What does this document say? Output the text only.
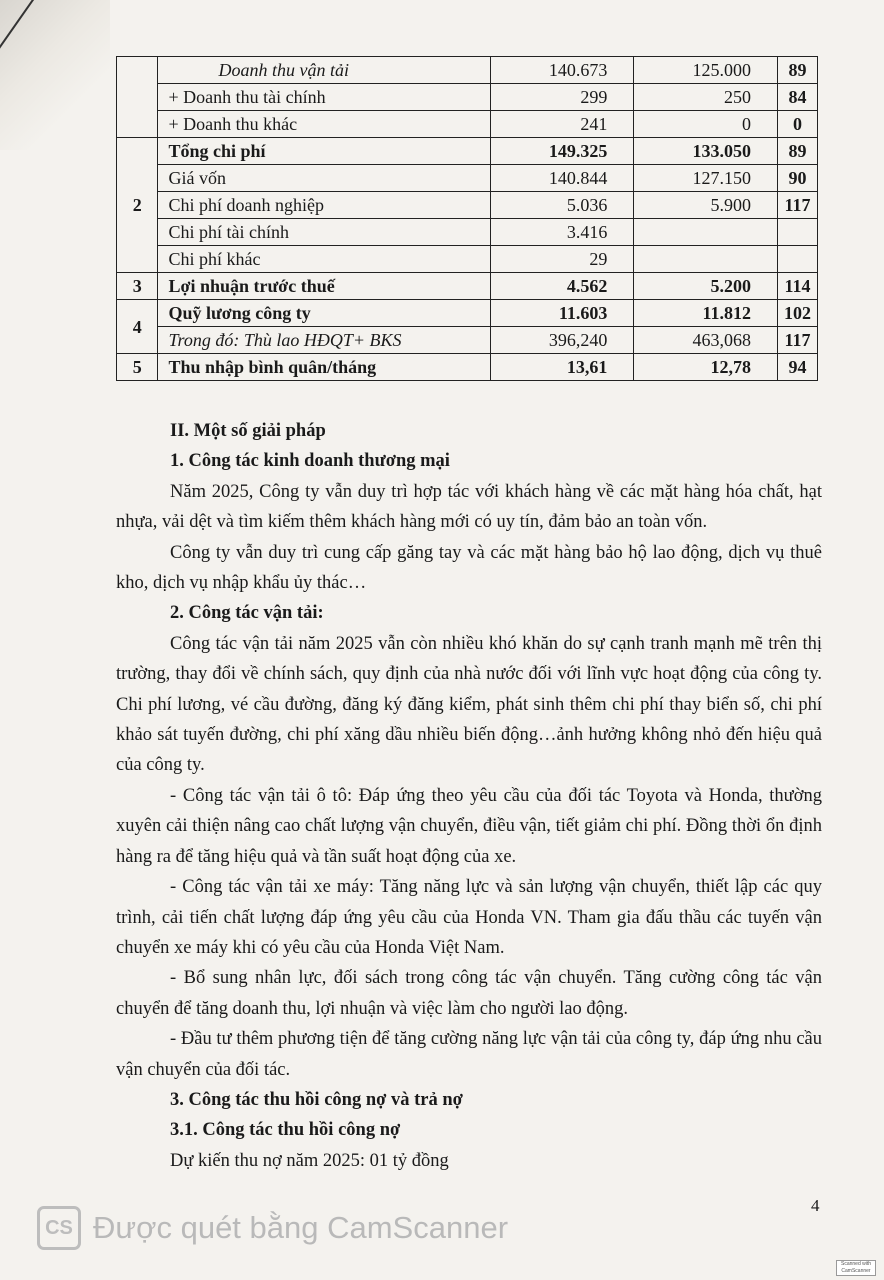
	Doanh thu vận tải	140.673	125.000	89
	+ Doanh thu tài chính	299	250	84
	+ Doanh thu khác	241	0	0
2	Tổng chi phí	149.325	133.050	89
	Giá vốn	140.844	127.150	90
	Chi phí doanh nghiệp	5.036	5.900	117
	Chi phí tài chính	3.416		
	Chi phí khác	29		
3	Lợi nhuận trước thuế	4.562	5.200	114
4	Quỹ lương công ty	11.603	11.812	102
	Trong đó: Thù lao HĐQT+ BKS	396,240	463,068	117
5	Thu nhập bình quân/tháng	13,61	12,78	94

II. Một số giải pháp

1. Công tác kinh doanh thương mại

Năm 2025, Công ty vẫn duy trì hợp tác với khách hàng về các mặt hàng hóa chất, hạt nhựa, vải dệt và tìm kiếm thêm khách hàng mới có uy tín, đảm bảo an toàn vốn.

Công ty vẫn duy trì cung cấp găng tay và các mặt hàng bảo hộ lao động, dịch vụ thuê kho, dịch vụ nhập khẩu ủy thác…

2. Công tác vận tải:

Công tác vận tải năm 2025 vẫn còn nhiều khó khăn do sự cạnh tranh mạnh mẽ trên thị trường, thay đổi về chính sách, quy định của nhà nước đối với lĩnh vực hoạt động của công ty. Chi phí lương, vé cầu đường, đăng ký đăng kiểm, phát sinh thêm chi phí thay biển số, chi phí khảo sát tuyến đường, chi phí xăng dầu nhiều biến động…ảnh hưởng không nhỏ đến hiệu quả của công ty.

- Công tác vận tải ô tô: Đáp ứng theo yêu cầu của đối tác Toyota và Honda, thường xuyên cải thiện nâng cao chất lượng vận chuyển, điều vận, tiết giảm chi phí. Đồng thời ổn định hàng ra để tăng hiệu quả và tần suất hoạt động của xe.

- Công tác vận tải xe máy: Tăng năng lực và sản lượng vận chuyển, thiết lập các quy trình, cải tiến chất lượng đáp ứng yêu cầu của Honda VN. Tham gia đấu thầu các tuyến vận chuyển xe máy khi có yêu cầu của Honda Việt Nam.

- Bổ sung nhân lực, đối sách trong công tác vận chuyển. Tăng cường công tác vận chuyển để tăng doanh thu, lợi nhuận và việc làm cho người lao động.

- Đầu tư thêm phương tiện để tăng cường năng lực vận tải của công ty, đáp ứng nhu cầu vận chuyển của đối tác.

3. Công tác thu hồi công nợ và trả nợ

3.1. Công tác thu hồi công nợ

Dự kiến thu nợ năm 2025: 01 tỷ đồng

4
CS Được quét bằng CamScanner
Scanned with
CamScanner
